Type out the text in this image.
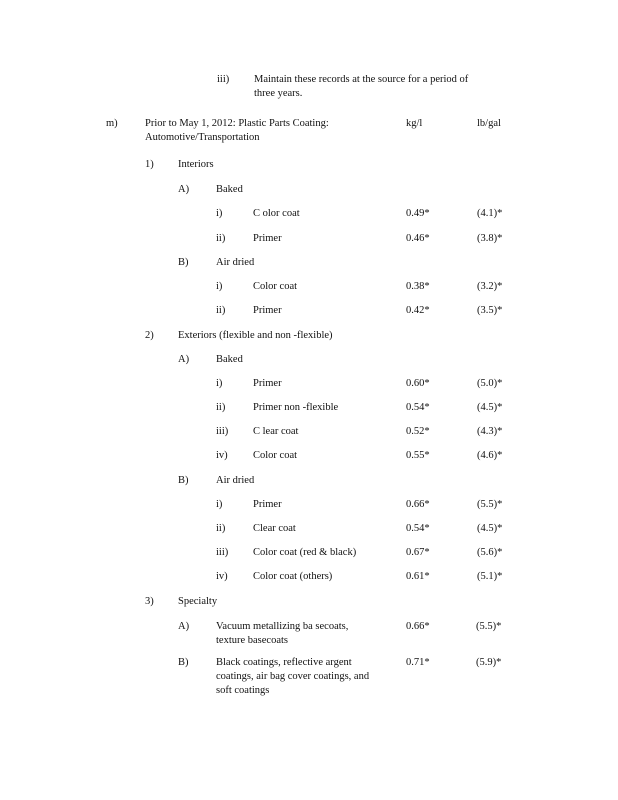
iii) Maintain these records at the source for a period of
three years.
m)	Prior to May 1, 2012: Plastic Parts Coating:
Automotive/Transportation
kg/l	lb/gal
1) Interiors
A)	Baked
i)	C olor coat	0.49*	(4.1)*
ii)	Primer	0.46*	(3.8)*
B)	Air dried
i)	Color coat	0.38*	(3.2)*
ii)	Primer	0.42*	(3.5)*
2) Exteriors (flexible and non -flexible)
A)	Baked
i)	Primer	0.60*	(5.0)*
ii)	Primer non -flexible	0.54*	(4.5)*
iii) C lear coat	0.52*	(4.3)*
iv) Color coat	0.55*	(4.6)*
B)	Air dried
i)	Primer	0.66*	(5.5)*
ii)	Clear coat	0.54*	(4.5)*
iii) Color coat (red & black)	0.67*	(5.6)*
iv) Color coat (others)	0.61*	(5.1)*
3) Specialty
A)	Vacuum metallizing ba secoats,
texture basecoats
0.66*	(5.5)*
B)	Black coatings, reflective argent
coatings, air bag cover coatings, and
soft coatings
0.71*	(5.9)*
